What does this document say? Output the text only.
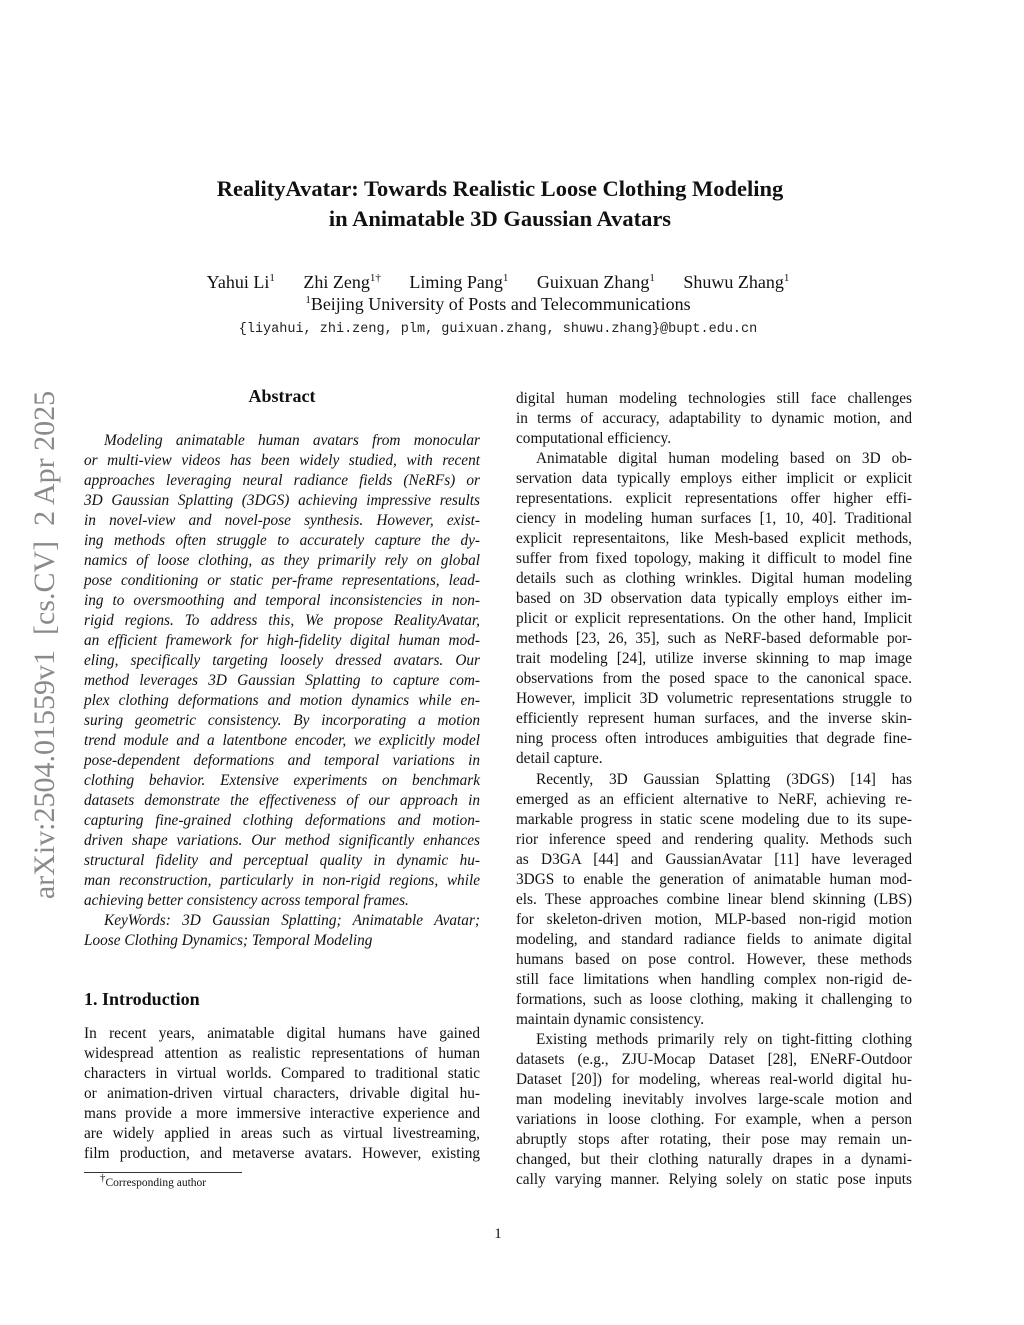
arXiv:2504.01559v1  [cs.CV]  2 Apr 2025
RealityAvatar: Towards Realistic Loose Clothing Modeling
in Animatable 3D Gaussian Avatars
Yahui Li$^1$ Zhi Zeng$^{1\dagger}$ Liming Pang$^1$ Guixuan Zhang$^1$ Shuwu Zhang$^1$
$^1$Beijing University of Posts and Telecommunications
{liyahui, zhi.zeng, plm, guixuan.zhang, shuwu.zhang}@bupt.edu.cn
Abstract
Modeling animatable human avatars from monocular
or multi-view videos has been widely studied, with recent
approaches leveraging neural radiance fields (NeRFs) or
3D Gaussian Splatting (3DGS) achieving impressive results
in novel-view and novel-pose synthesis. However, exist-
ing methods often struggle to accurately capture the dy-
namics of loose clothing, as they primarily rely on global
pose conditioning or static per-frame representations, lead-
ing to oversmoothing and temporal inconsistencies in non-
rigid regions. To address this, We propose RealityAvatar,
an efficient framework for high-fidelity digital human mod-
eling, specifically targeting loosely dressed avatars. Our
method leverages 3D Gaussian Splatting to capture com-
plex clothing deformations and motion dynamics while en-
suring geometric consistency. By incorporating a motion
trend module and a latentbone encoder, we explicitly model
pose-dependent deformations and temporal variations in
clothing behavior. Extensive experiments on benchmark
datasets demonstrate the effectiveness of our approach in
capturing fine-grained clothing deformations and motion-
driven shape variations. Our method significantly enhances
structural fidelity and perceptual quality in dynamic hu-
man reconstruction, particularly in non-rigid regions, while
achieving better consistency across temporal frames.
KeyWords: 3D Gaussian Splatting; Animatable Avatar;
Loose Clothing Dynamics; Temporal Modeling
1. Introduction
In recent years, animatable digital humans have gained
widespread attention as realistic representations of human
characters in virtual worlds. Compared to traditional static
or animation-driven virtual characters, drivable digital hu-
mans provide a more immersive interactive experience and
are widely applied in areas such as virtual livestreaming,
film production, and metaverse avatars. However, existing
digital human modeling technologies still face challenges
in terms of accuracy, adaptability to dynamic motion, and
computational efficiency.
Animatable digital human modeling based on 3D ob-
servation data typically employs either implicit or explicit
representations. explicit representations offer higher effi-
ciency in modeling human surfaces [1, 10, 40]. Traditional
explicit representaitons, like Mesh-based explicit methods,
suffer from fixed topology, making it difficult to model fine
details such as clothing wrinkles. Digital human modeling
based on 3D observation data typically employs either im-
plicit or explicit representations. On the other hand, Implicit
methods [23, 26, 35], such as NeRF-based deformable por-
trait modeling [24], utilize inverse skinning to map image
observations from the posed space to the canonical space.
However, implicit 3D volumetric representations struggle to
efficiently represent human surfaces, and the inverse skin-
ning process often introduces ambiguities that degrade fine-
detail capture.
Recently, 3D Gaussian Splatting (3DGS) [14] has
emerged as an efficient alternative to NeRF, achieving re-
markable progress in static scene modeling due to its supe-
rior inference speed and rendering quality. Methods such
as D3GA [44] and GaussianAvatar [11] have leveraged
3DGS to enable the generation of animatable human mod-
els. These approaches combine linear blend skinning (LBS)
for skeleton-driven motion, MLP-based non-rigid motion
modeling, and standard radiance fields to animate digital
humans based on pose control. However, these methods
still face limitations when handling complex non-rigid de-
formations, such as loose clothing, making it challenging to
maintain dynamic consistency.
Existing methods primarily rely on tight-fitting clothing
datasets (e.g., ZJU-Mocap Dataset [28], ENeRF-Outdoor
Dataset [20]) for modeling, whereas real-world digital hu-
man modeling inevitably involves large-scale motion and
variations in loose clothing. For example, when a person
abruptly stops after rotating, their pose may remain un-
changed, but their clothing naturally drapes in a dynami-
cally varying manner. Relying solely on static pose inputs
†Corresponding author
1
